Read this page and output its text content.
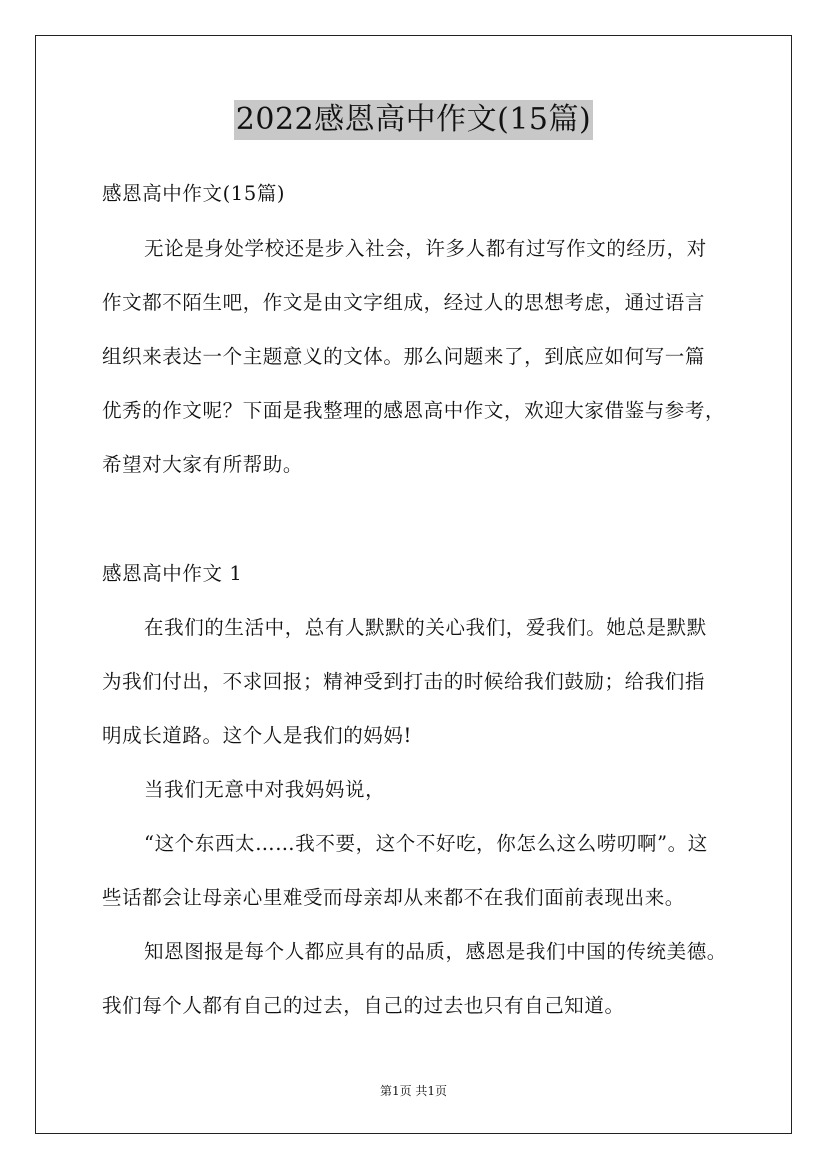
2022感恩高中作文(15篇)
感恩高中作文(15篇)
无论是身处学校还是步入社会，许多人都有过写作文的经历，对
作文都不陌生吧，作文是由文字组成，经过人的思想考虑，通过语言
组织来表达一个主题意义的文体。那么问题来了，到底应如何写一篇
优秀的作文呢？下面是我整理的感恩高中作文，欢迎大家借鉴与参考，
希望对大家有所帮助。
感恩高中作文 1
在我们的生活中，总有人默默的关心我们，爱我们。她总是默默
为我们付出，不求回报；精神受到打击的时候给我们鼓励；给我们指
明成长道路。这个人是我们的妈妈!
当我们无意中对我妈妈说，
“这个东西太……我不要，这个不好吃，你怎么这么唠叨啊”。这
些话都会让母亲心里难受而母亲却从来都不在我们面前表现出来。
知恩图报是每个人都应具有的品质，感恩是我们中国的传统美德。
我们每个人都有自己的过去，自己的过去也只有自己知道。
第1页 共1页
